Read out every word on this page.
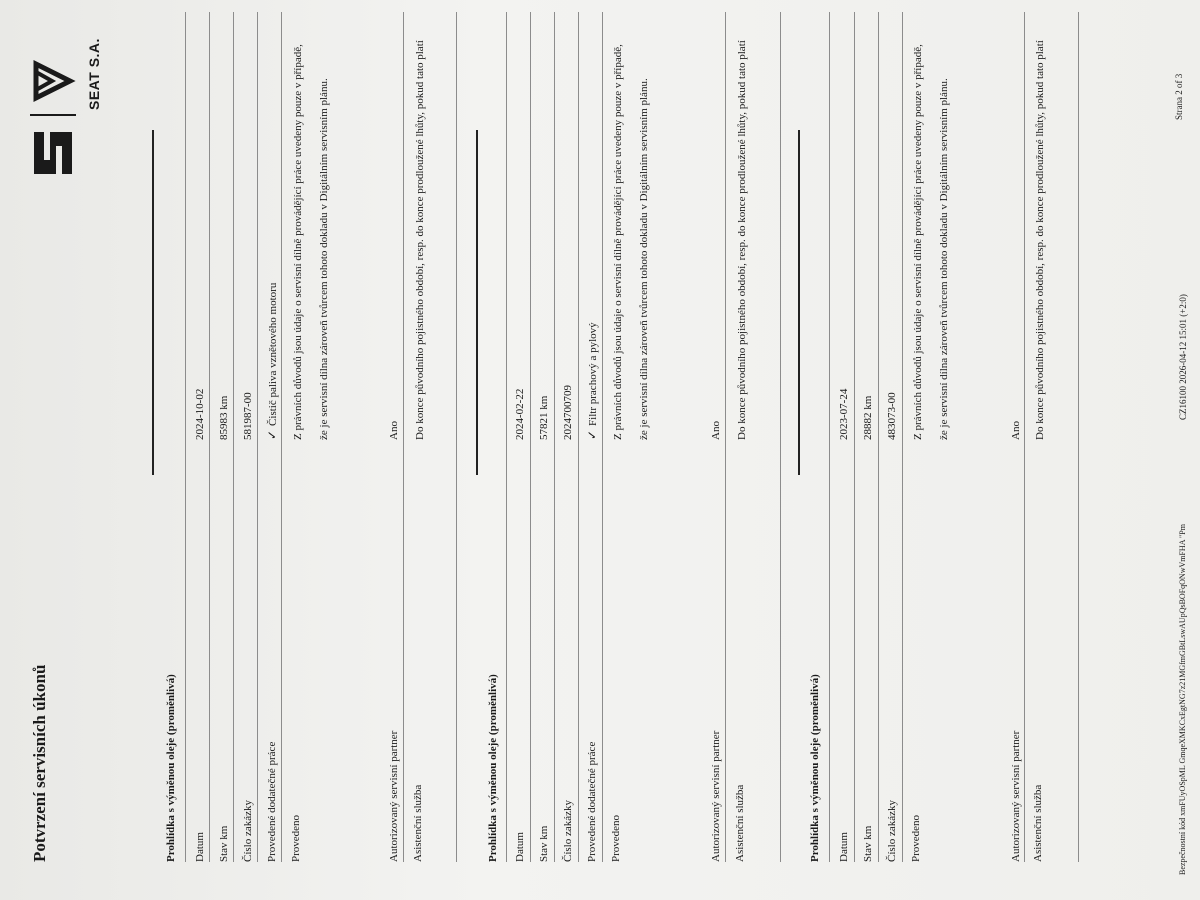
Potvrzení servisních úkonů
SEAT S.A.
Prohlídka s výměnou oleje (proměnlivá) Datum
2024-10-02
Stav km
85983 km
Číslo zakázky
581987-00
Provedené dodatečné práce
✓Čistič paliva vznětového motoru
Provedeno
Z právních důvodů jsou údaje o servisní dílně provádějící práce uvedeny pouze v případě, že je servisní dílna zároveň tvůrcem tohoto dokladu v Digitálním servisním plánu.
Autorizovaný servisní partner
Ano
Asistenční služba
Do konce původního pojistného období, resp. do konce prodloužené lhůty, pokud tato platí
Prohlídka s výměnou oleje (proměnlivá) Datum
2024-02-22
Stav km
57821 km
Číslo zakázky
2024700709
Provedené dodatečné práce
✓Filtr prachový a pylový
Provedeno
Z právních důvodů jsou údaje o servisní dílně provádějící práce uvedeny pouze v případě, že je servisní dílna zároveň tvůrcem tohoto dokladu v Digitálním servisním plánu.
Autorizovaný servisní partner
Ano
Asistenční služba
Do konce původního pojistného období, resp. do konce prodloužené lhůty, pokud tato platí
Prohlídka s výměnou oleje (proměnlivá) Datum
2023-07-24
Stav km
28882 km
Číslo zakázky
483073-00
Provedeno
Z právních důvodů jsou údaje o servisní dílně provádějící práce uvedeny pouze v případě, že je servisní dílna zároveň tvůrcem tohoto dokladu v Digitálním servisním plánu.
Autorizovaný servisní partner
Ano
Asistenční služba
Do konce původního pojistného období, resp. do konce prodloužené lhůty, pokud tato platí
Bezpečnostní kód xmFUyOSpML GmqeXMKCxEgtNG7z21MGfmGBtLswAUpQsBOFqONwVmFHA "Pm
CZ16100 2026-04-12 15:01 (+2:0)
Strana 2 of 3
